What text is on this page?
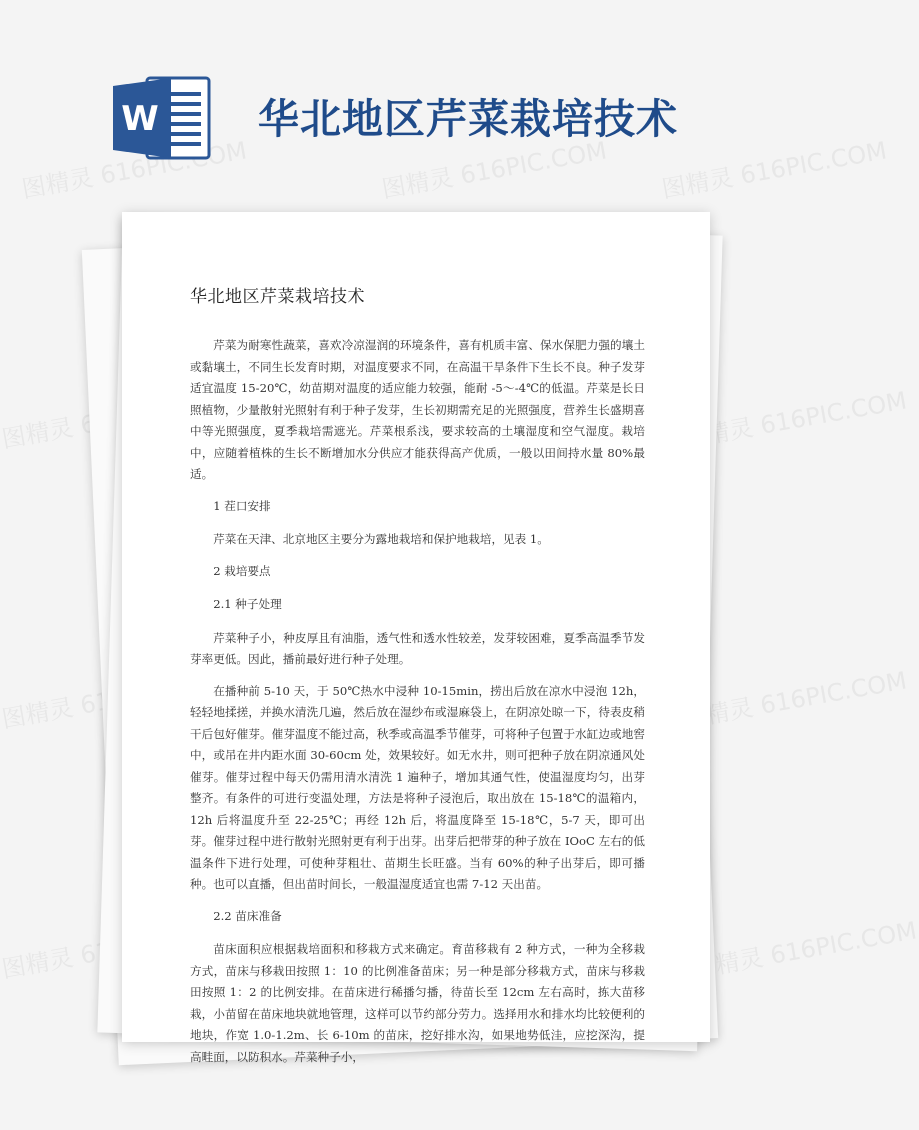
图精灵 616PIC.COM	图精灵 616PIC.COM 图精灵 616PIC.COM
图精灵	图精灵 616PIC.COM
图精灵	图精灵 616PIC.COM
图精灵	图精灵 616PIC.COM
W 华北地区芹菜栽培技术
华北地区芹菜栽培技术

芹菜为耐寒性蔬菜，喜欢冷凉湿润的环境条件，喜有机质丰富、保水保肥力强的壤土或黏壤土，不同生长发育时期，对温度要求不同，在高温干旱条件下生长不良。种子发芽适宜温度 15-20℃，幼苗期对温度的适应能力较强，能耐 -5～-4℃的低温。芹菜是长日照植物，少量散射光照射有利于种子发芽，生长初期需充足的光照强度，营养生长盛期喜中等光照强度，夏季栽培需遮光。芹菜根系浅，要求较高的土壤湿度和空气湿度。栽培中，应随着植株的生长不断增加水分供应才能获得高产优质，一般以田间持水量 80%最适。

1 茬口安排

芹菜在天津、北京地区主要分为露地栽培和保护地栽培，见表 1。

2 栽培要点

2.1 种子处理

芹菜种子小，种皮厚且有油脂，透气性和透水性较差，发芽较困难，夏季高温季节发芽率更低。因此，播前最好进行种子处理。

在播种前 5-10 天，于 50℃热水中浸种 10-15min，捞出后放在凉水中浸泡 12h，轻轻地揉搓，并换水清洗几遍，然后放在湿纱布或湿麻袋上，在阴凉处晾一下，待表皮稍干后包好催芽。催芽温度不能过高，秋季或高温季节催芽，可将种子包置于水缸边或地窖中，或吊在井内距水面 30-60cm 处，效果较好。如无水井，则可把种子放在阴凉通风处催芽。催芽过程中每天仍需用清水清洗 1 遍种子，增加其通气性，使温湿度均匀，出芽整齐。有条件的可进行变温处理，方法是将种子浸泡后，取出放在 15-18℃的温箱内，12h 后将温度升至 22-25℃；再经 12h 后，将温度降至 15-18℃，5-7 天，即可出芽。催芽过程中进行散射光照射更有利于出芽。出芽后把带芽的种子放在 IOoC 左右的低温条件下进行处理，可使种芽粗壮、苗期生长旺盛。当有 60%的种子出芽后，即可播种。也可以直播，但出苗时间长，一般温湿度适宜也需 7-12 天出苗。

2.2 苗床准备

苗床面积应根据栽培面积和移栽方式来确定。育苗移栽有 2 种方式，一种为全移栽方式，苗床与移栽田按照 1：10 的比例准备苗床；另一种是部分移栽方式，苗床与移栽田按照 1：2 的比例安排。在苗床进行稀播匀播，待苗长至 12cm 左右高时，拣大苗移栽，小苗留在苗床地块就地管理，这样可以节约部分劳力。选择用水和排水均比较便利的地块，作宽 1.0-1.2m、长 6-10m 的苗床，挖好排水沟，如果地势低洼，应挖深沟，提高畦面，以防积水。芹菜种子小，
